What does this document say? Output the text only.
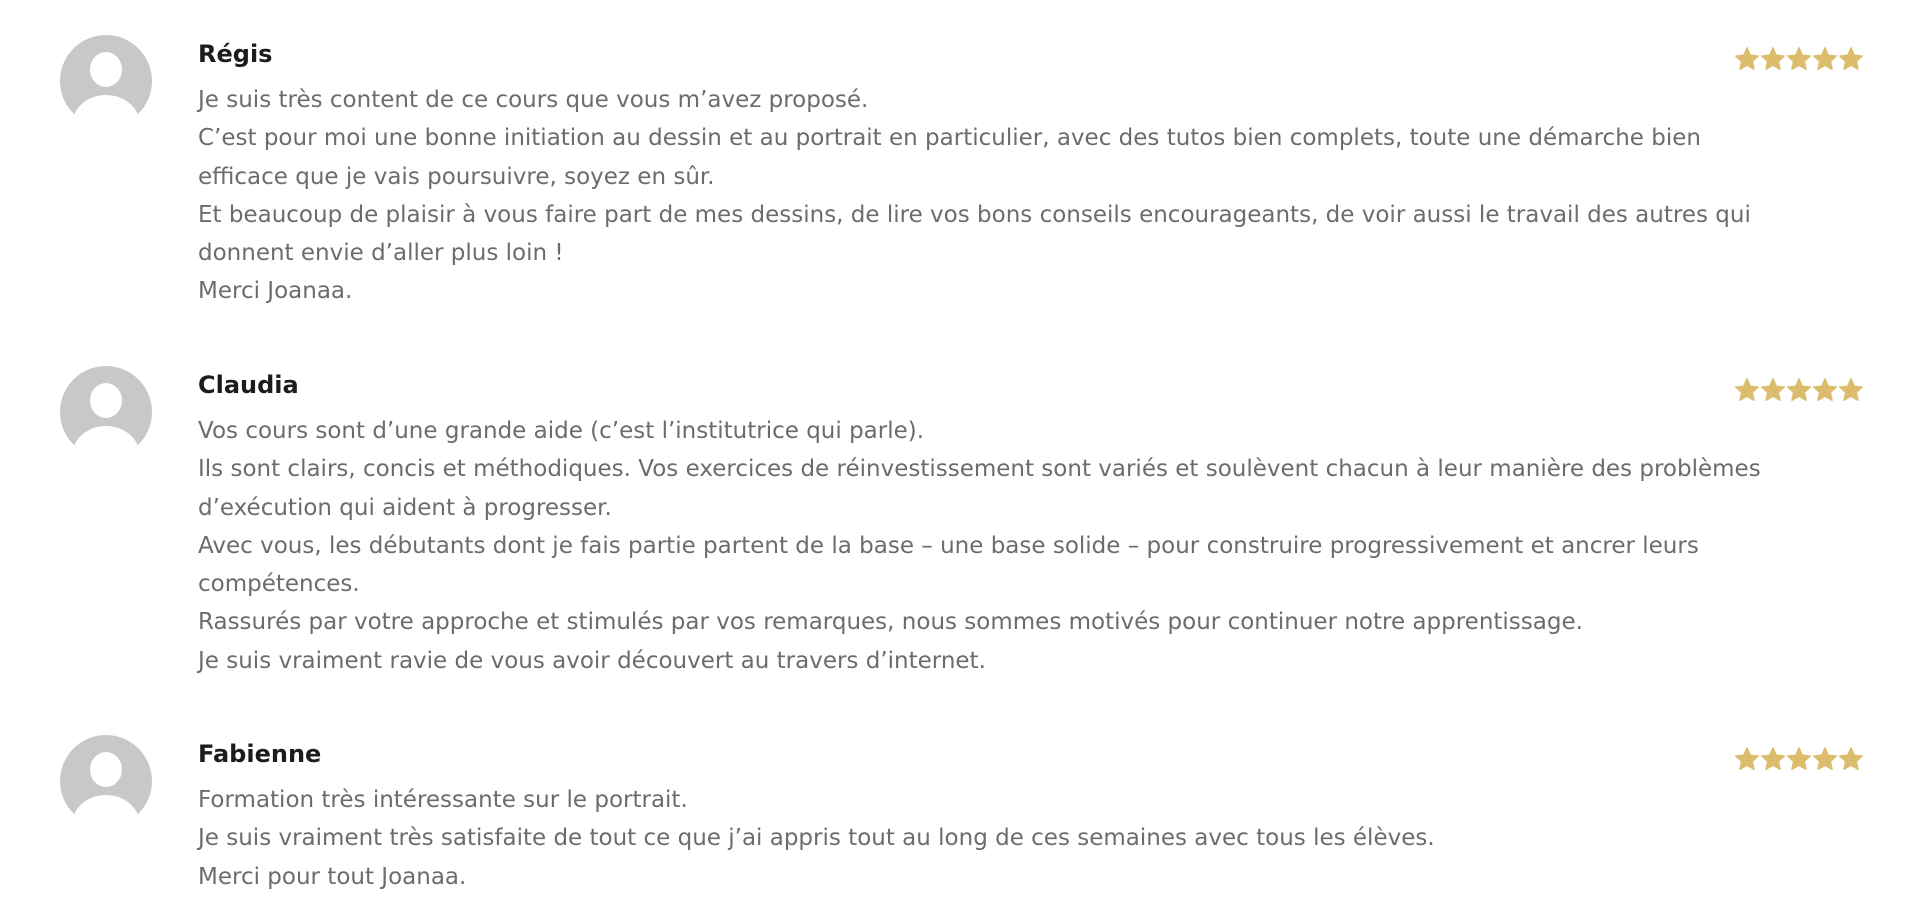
Régis
Je suis très content de ce cours que vous m’avez proposé.
C’est pour moi une bonne initiation au dessin et au portrait en particulier, avec des tutos bien complets, toute une démarche bien
efficace que je vais poursuivre, soyez en sûr.
Et beaucoup de plaisir à vous faire part de mes dessins, de lire vos bons conseils encourageants, de voir aussi le travail des autres qui
donnent envie d’aller plus loin !
Merci Joanaa.
Claudia
Vos cours sont d’une grande aide (c’est l’institutrice qui parle).
Ils sont clairs, concis et méthodiques. Vos exercices de réinvestissement sont variés et soulèvent chacun à leur manière des problèmes
d’exécution qui aident à progresser.
Avec vous, les débutants dont je fais partie partent de la base – une base solide – pour construire progressivement et ancrer leurs
compétences.
Rassurés par votre approche et stimulés par vos remarques, nous sommes motivés pour continuer notre apprentissage.
Je suis vraiment ravie de vous avoir découvert au travers d’internet.
Fabienne
Formation très intéressante sur le portrait.
Je suis vraiment très satisfaite de tout ce que j’ai appris tout au long de ces semaines avec tous les élèves.
Merci pour tout Joanaa.
